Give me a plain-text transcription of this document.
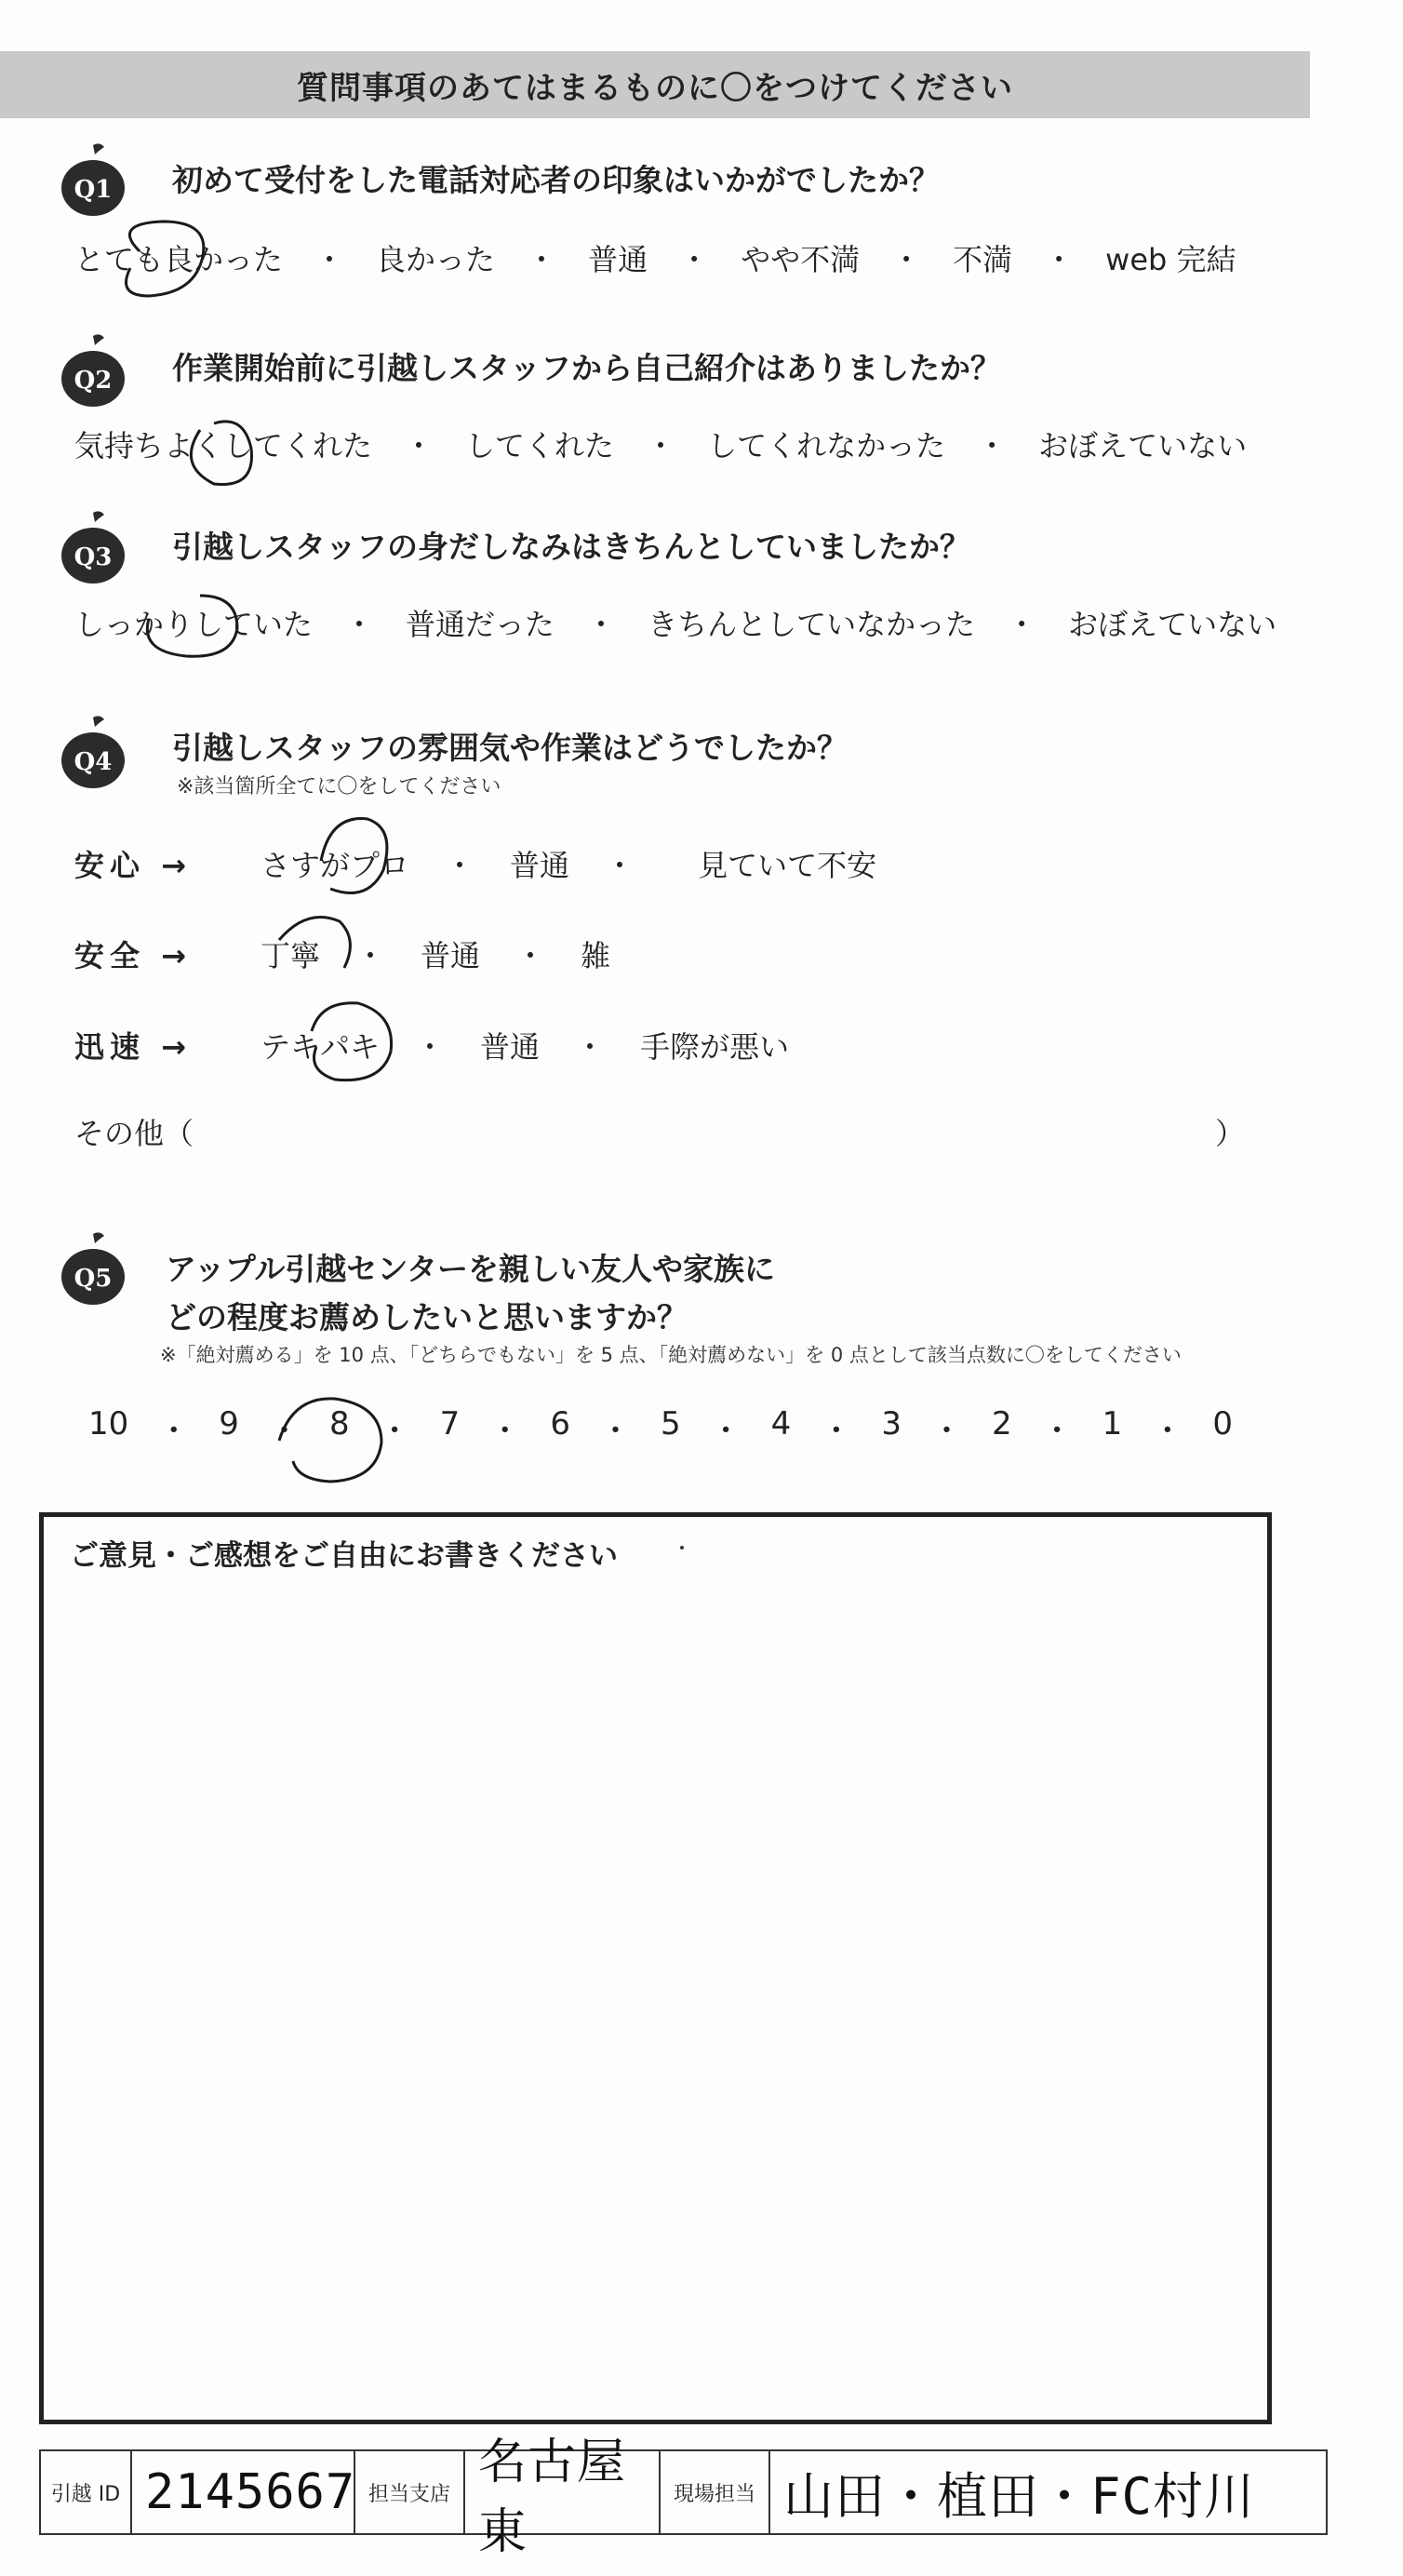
質問事項のあてはまるものに〇をつけてください
Q1 初めて受付をした電話対応者の印象はいかがでしたか？
とても良かった ・ 良かった ・ 普通 ・ やや不満 ・ 不満 ・ web 完結
Q2 作業開始前に引越しスタッフから自己紹介はありましたか？
気持ちよくしてくれた ・ してくれた ・ してくれなかった ・ おぼえていない
Q3 引越しスタッフの身だしなみはきちんとしていましたか？
しっかりしていた ・ 普通だった ・ きちんとしていなかった ・ おぼえていない
Q4 引越しスタッフの雰囲気や作業はどうでしたか？
※該当箇所全てに〇をしてください
安心 → さすがプロ ・ 普通 ・ 見ていて不安
安全 → 丁寧 ・ 普通 ・ 雑
迅速 → テキパキ ・ 普通 ・ 手際が悪い
その他（	）
Q5 アップル引越センターを親しい友人や家族に
どの程度お薦めしたいと思いますか？
※「絶対薦める」を 10 点、「どちらでもない」を 5 点、「絶対薦めない」を 0 点として該当点数に〇をしてください
10 ・ 9 ・ 8 ・ 7 ・ 6 ・ 5 ・ 4 ・ 3 ・ 2 ・ 1 ・ 0
ご意見・ご感想をご自由にお書きください
引越 ID 2145667 担当支店
名古屋東
現場担当 山田・植田・FC村川
